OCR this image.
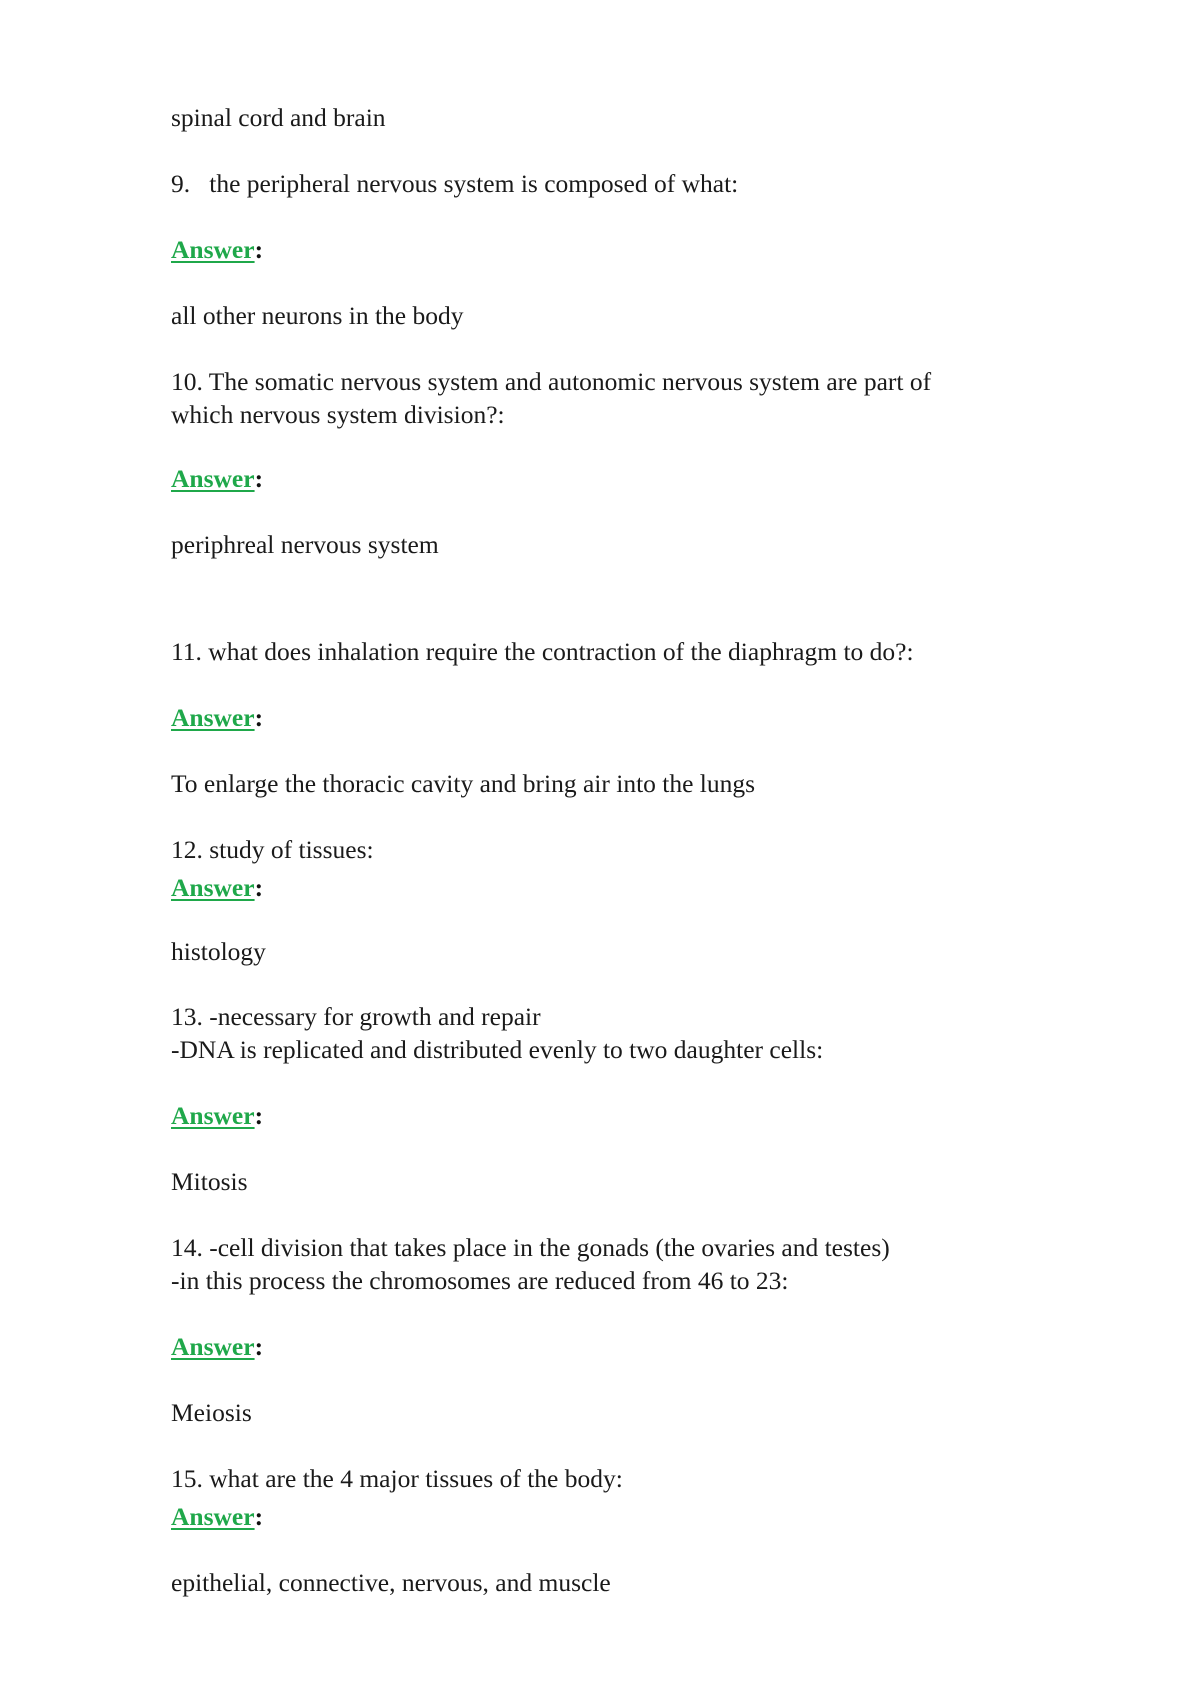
spinal cord and brain

9.   the peripheral nervous system is composed of what:

Answer:

all other neurons in the body

10. The somatic nervous system and autonomic nervous system are part of

which nervous system division?:

Answer:

periphreal nervous system

11. what does inhalation require the contraction of the diaphragm to do?:

Answer:

To enlarge the thoracic cavity and bring air into the lungs

12. study of tissues:

Answer:

histology

13. -necessary for growth and repair

-DNA is replicated and distributed evenly to two daughter cells:

Answer:

Mitosis

14. -cell division that takes place in the gonads (the ovaries and testes)

-in this process the chromosomes are reduced from 46 to 23:

Answer:

Meiosis

15. what are the 4 major tissues of the body:

Answer:

epithelial, connective, nervous, and muscle
